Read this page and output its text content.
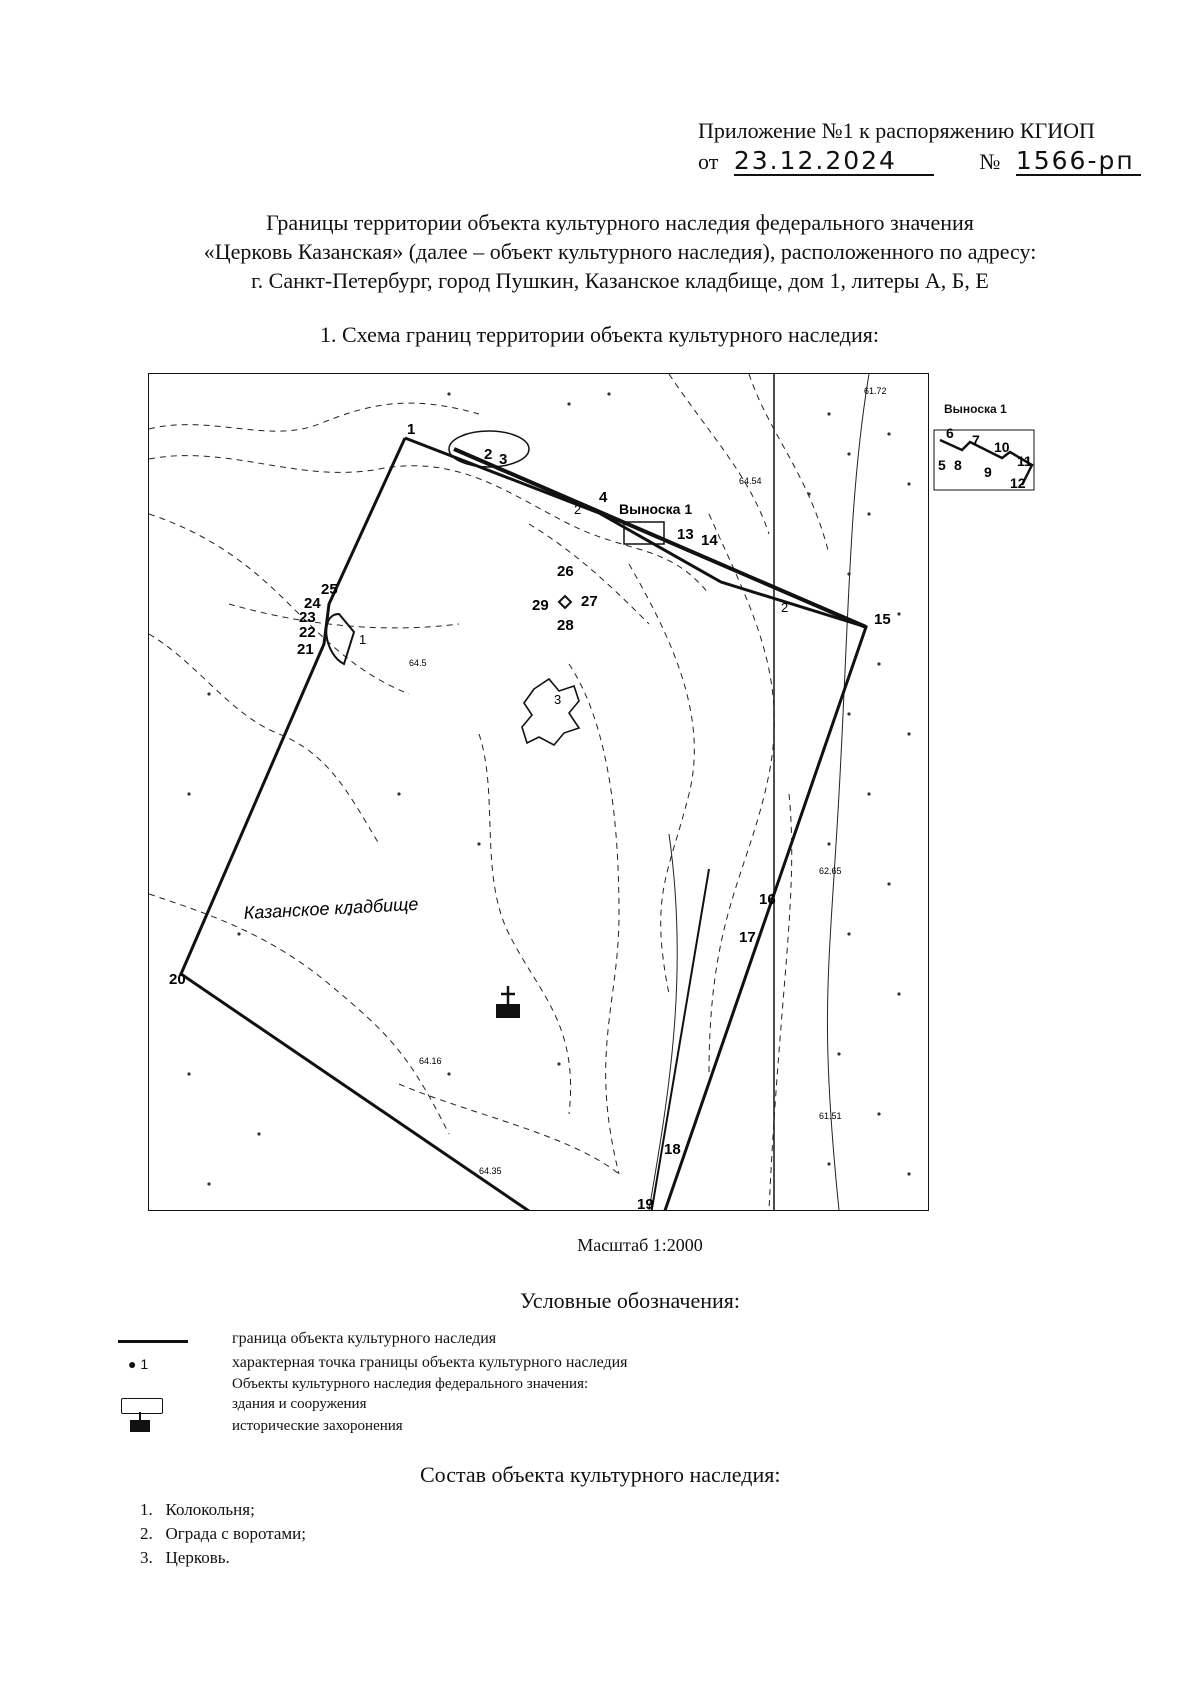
Приложение №1 к распоряжению КГИОП
от 23.12.2024	№ 1566-рп
Границы территории объекта культурного наследия федерального значения
«Церковь Казанская» (далее – объект культурного наследия), расположенного по адресу:
г. Санкт-Петербург, город Пушкин, Казанское кладбище, дом 1, литеры А, Б, Е
1. Схема границ территории объекта культурного наследия:
Выноска 1
Казанское кладбище
1
2
3
2
2 3
4
13 14
15
16
17
18
19
20
21
22
23
24
25
26
27
28
29
1
64.54
62.65
64.5
61.51
64.35
64.16
61.72
Выноска 1
6 7
5 8 9
10
11
12
Масштаб 1:2000
Условные обозначения:
граница объекта культурного наследия
● 1	характерная точка границы объекта культурного наследия
Объекты культурного наследия федерального значения:
здания и сооружения
исторические захоронения
Состав объекта культурного наследия:
1. Колокольня;
2. Ограда с воротами;
3. Церковь.
